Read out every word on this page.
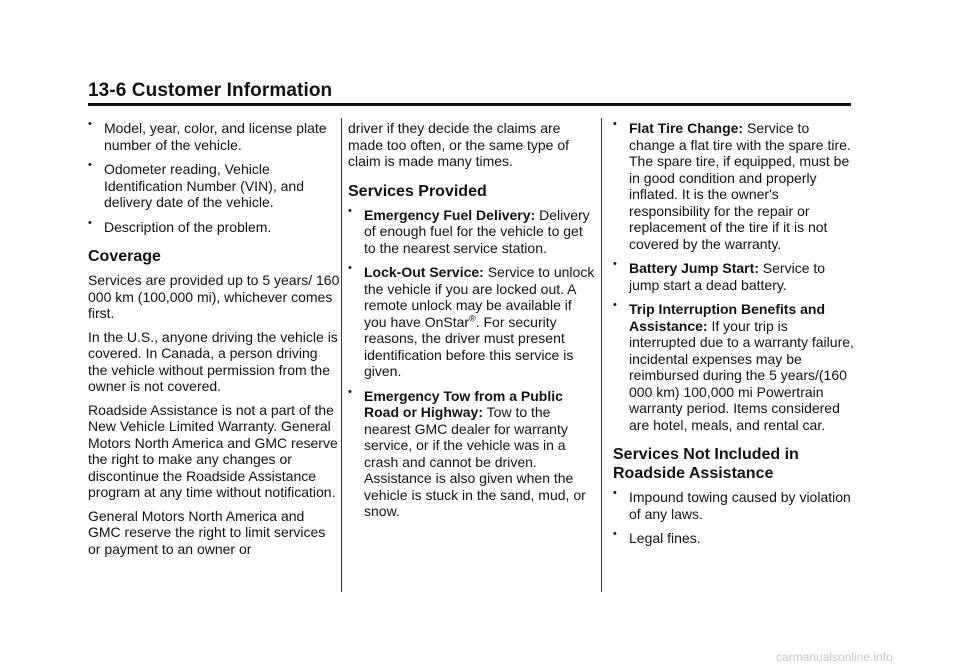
13-6 Customer Information
• Model, year, color, and license plate number of the vehicle.
• Odometer reading, Vehicle Identification Number (VIN), and delivery date of the vehicle.
• Description of the problem.
Coverage

Services are provided up to 5 years/ 160 000 km (100,000 mi), whichever comes first.

In the U.S., anyone driving the vehicle is covered. In Canada, a person driving the vehicle without permission from the owner is not covered.

Roadside Assistance is not a part of the New Vehicle Limited Warranty. General Motors North America and GMC reserve the right to make any changes or discontinue the Roadside Assistance program at any time without notification.

General Motors North America and GMC reserve the right to limit services or payment to an owner or

driver if they decide the claims are made too often, or the same type of claim is made many times.

Services Provided
• Emergency Fuel Delivery: Delivery of enough fuel for the vehicle to get to the nearest service station.
• Lock-Out Service: Service to unlock the vehicle if you are locked out. A remote unlock may be available if you have OnStar®. For security reasons, the driver must present identification before this service is given.
• Emergency Tow from a Public Road or Highway: Tow to the nearest GMC dealer for warranty service, or if the vehicle was in a crash and cannot be driven. Assistance is also given when the vehicle is stuck in the sand, mud, or snow.
• Flat Tire Change: Service to change a flat tire with the spare tire. The spare tire, if equipped, must be in good condition and properly inflated. It is the owner's responsibility for the repair or replacement of the tire if it is not covered by the warranty.
• Battery Jump Start: Service to jump start a dead battery.
• Trip Interruption Benefits and Assistance: If your trip is interrupted due to a warranty failure, incidental expenses may be reimbursed during the 5 years/(160 000 km) 100,000 mi Powertrain warranty period. Items considered are hotel, meals, and rental car.
Services Not Included in Roadside Assistance
• Impound towing caused by violation of any laws.
• Legal fines.
carmanualsonline.info
